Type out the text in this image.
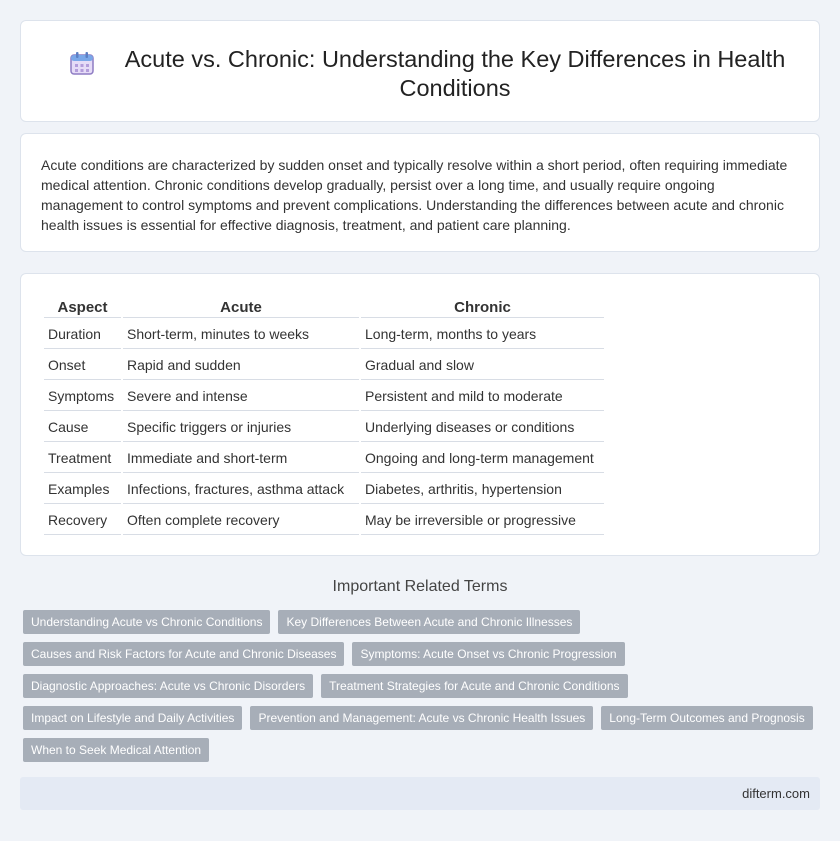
Acute vs. Chronic: Understanding the Key Differences in Health Conditions

Acute conditions are characterized by sudden onset and typically resolve within a short period, often requiring immediate medical attention. Chronic conditions develop gradually, persist over a long time, and usually require ongoing management to control symptoms and prevent complications. Understanding the differences between acute and chronic health issues is essential for effective diagnosis, treatment, and patient care planning.

Aspect	Acute	Chronic
Duration	Short-term, minutes to weeks	Long-term, months to years
Onset	Rapid and sudden	Gradual and slow
Symptoms	Severe and intense	Persistent and mild to moderate
Cause	Specific triggers or injuries	Underlying diseases or conditions
Treatment	Immediate and short-term	Ongoing and long-term management
Examples	Infections, fractures, asthma attack	Diabetes, arthritis, hypertension
Recovery	Often complete recovery	May be irreversible or progressive
Important Related Terms
Understanding Acute vs Chronic Conditions	Key Differences Between Acute and Chronic Illnesses
Causes and Risk Factors for Acute and Chronic Diseases	Symptoms: Acute Onset vs Chronic Progression
Diagnostic Approaches: Acute vs Chronic Disorders	Treatment Strategies for Acute and Chronic Conditions
Impact on Lifestyle and Daily Activities	Prevention and Management: Acute vs Chronic Health Issues	Long-Term Outcomes and Prognosis
When to Seek Medical Attention
difterm.com
